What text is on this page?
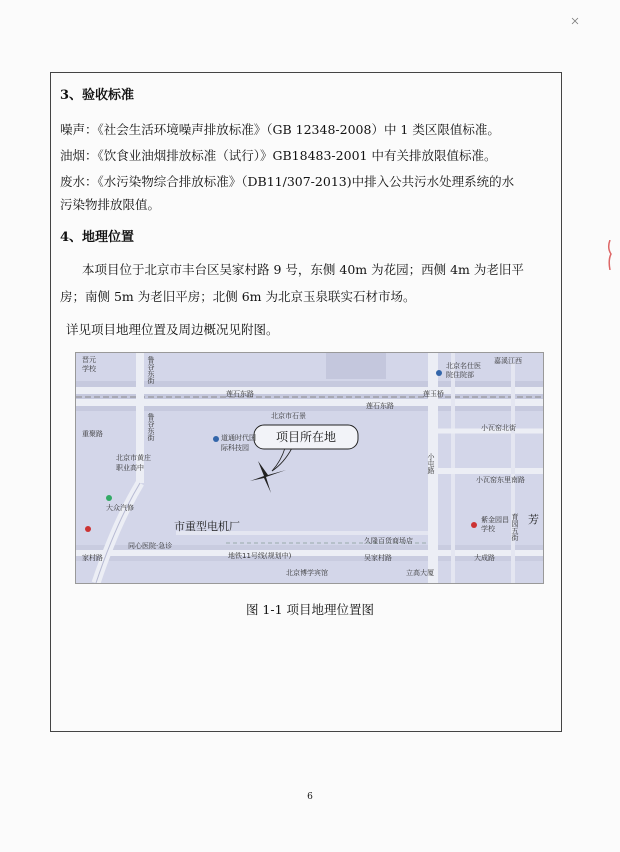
3、验收标准
噪声：《社会生活环境噪声排放标准》（GB 12348-2008）中 1 类区限值标准。
油烟：《饮食业油烟排放标准（试行）》GB18483-2001 中有关排放限值标准。
废水：《水污染物综合排放标准》（DB11/307-2013)中排入公共污水处理系统的水
污染物排放限值。
4、地理位置
本项目位于北京市丰台区吴家村路 9 号，东侧 40m 为花园；西侧 4m 为老旧平
房；南侧 5m 为老旧平房；北侧 6m 为北京玉泉联实石材市场。
详见项目地理位置及周边概况见附图。
项目所在地
晋元
学校	鲁谷东街
莲石东路
莲石东路
北京市石景
莲玉桥
北京名仕医
院住院部
嘉溪江西
小瓦窑北街
重聚路	鲁谷东街	道通时代国
际科技园
北京市黄庄
职业高中
大众汽修
市重型电机厂
小屯路
小瓦窑东里南路
紫金园昌
学校
同心医院·急诊
久隆百货商场店
吴家村路	大成路
家村路	地铁11号线(规划中)
北京博学宾馆	立高大厦
育园五街 芳
图 1-1 项目地理位置图
6
